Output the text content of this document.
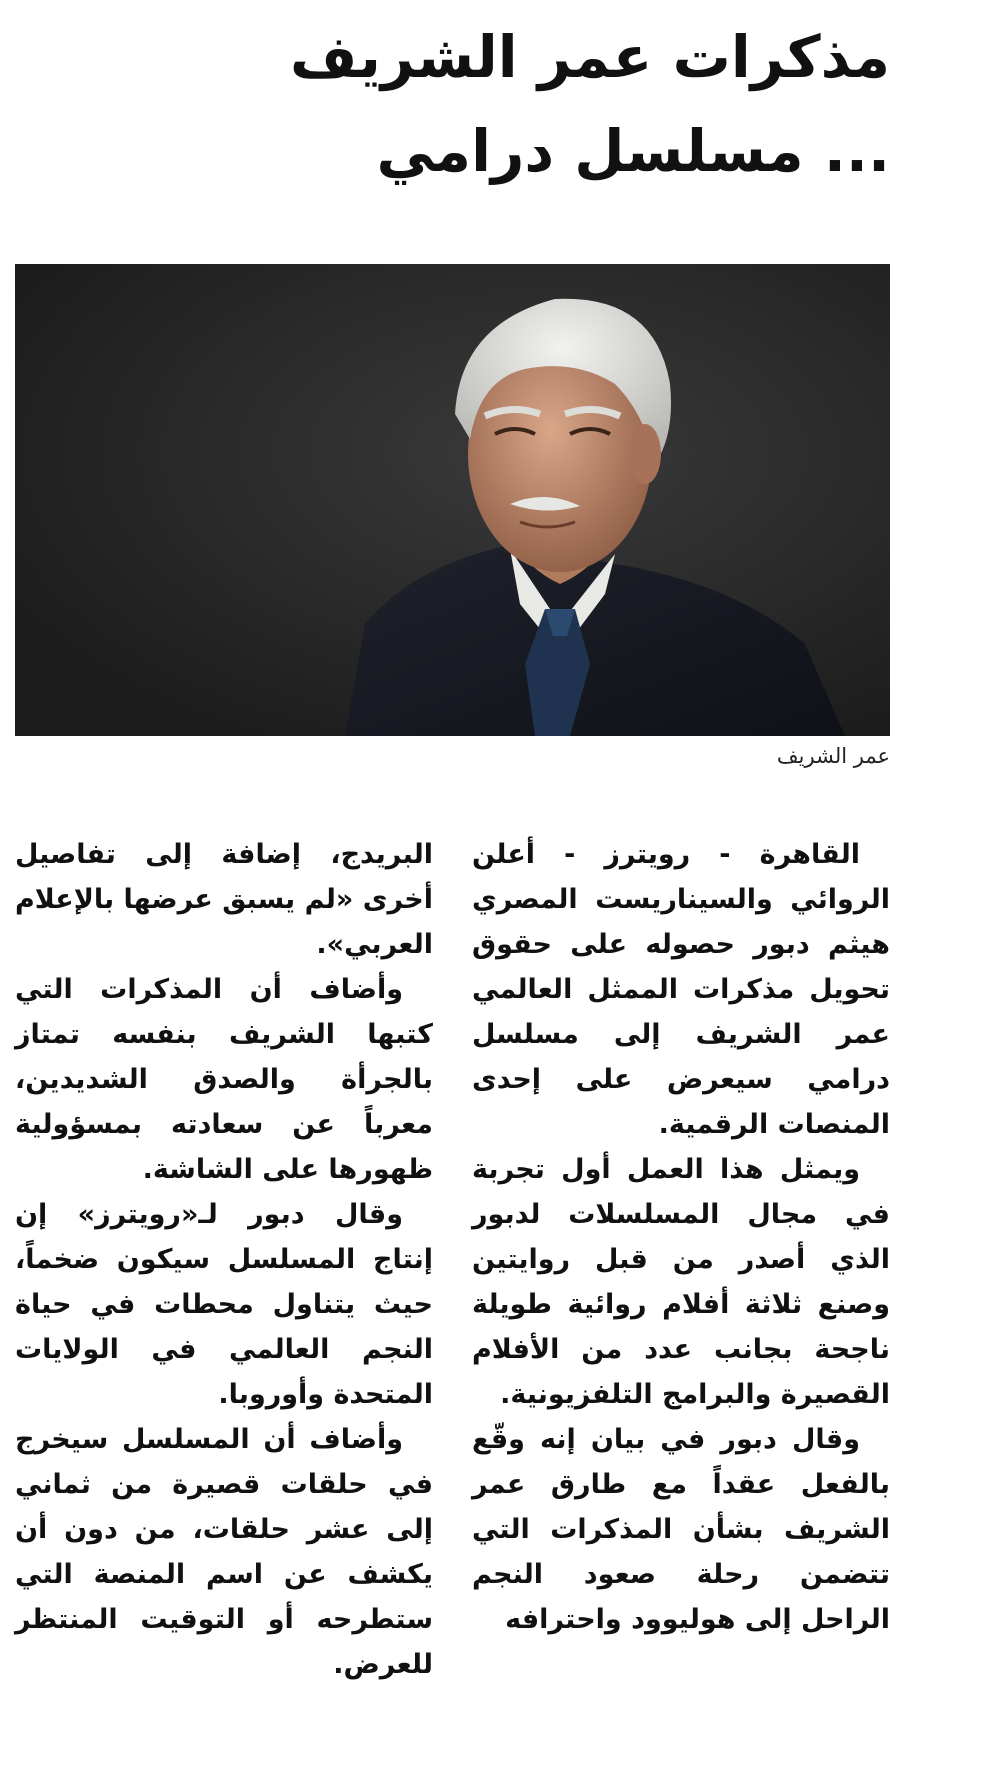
مذكرات عمر الشريف
... مسلسل درامي
عمر الشريف

القاهرة - رويترز - أعلن الروائي والسيناريست المصري هيثم دبور حصوله على حقوق تحويل مذكرات الممثل العالمي عمر الشريف إلى مسلسل درامي سيعرض على إحدى المنصات الرقمية.

ويمثل هذا العمل أول تجربة في مجال المسلسلات لدبور الذي أصدر من قبل روايتين وصنع ثلاثة أفلام روائية طويلة ناجحة بجانب عدد من الأفلام القصيرة والبرامج التلفزيونية.

وقال دبور في بيان إنه وقّع بالفعل عقداً مع طارق عمر الشريف بشأن المذكرات التي تتضمن رحلة صعود النجم الراحل إلى هوليوود واحترافه

البريدج، إضافة إلى تفاصيل أخرى «لم يسبق عرضها بالإعلام العربي».

وأضاف أن المذكرات التي كتبها الشريف بنفسه تمتاز بالجرأة والصدق الشديدين، معرباً عن سعادته بمسؤولية ظهورها على الشاشة.

وقال دبور لـ«رويترز» إن إنتاج المسلسل سيكون ضخماً، حيث يتناول محطات في حياة النجم العالمي في الولايات المتحدة وأوروبا.

وأضاف أن المسلسل سيخرج في حلقات قصيرة من ثماني إلى عشر حلقات، من دون أن يكشف عن اسم المنصة التي ستطرحه أو التوقيت المنتظر للعرض.
